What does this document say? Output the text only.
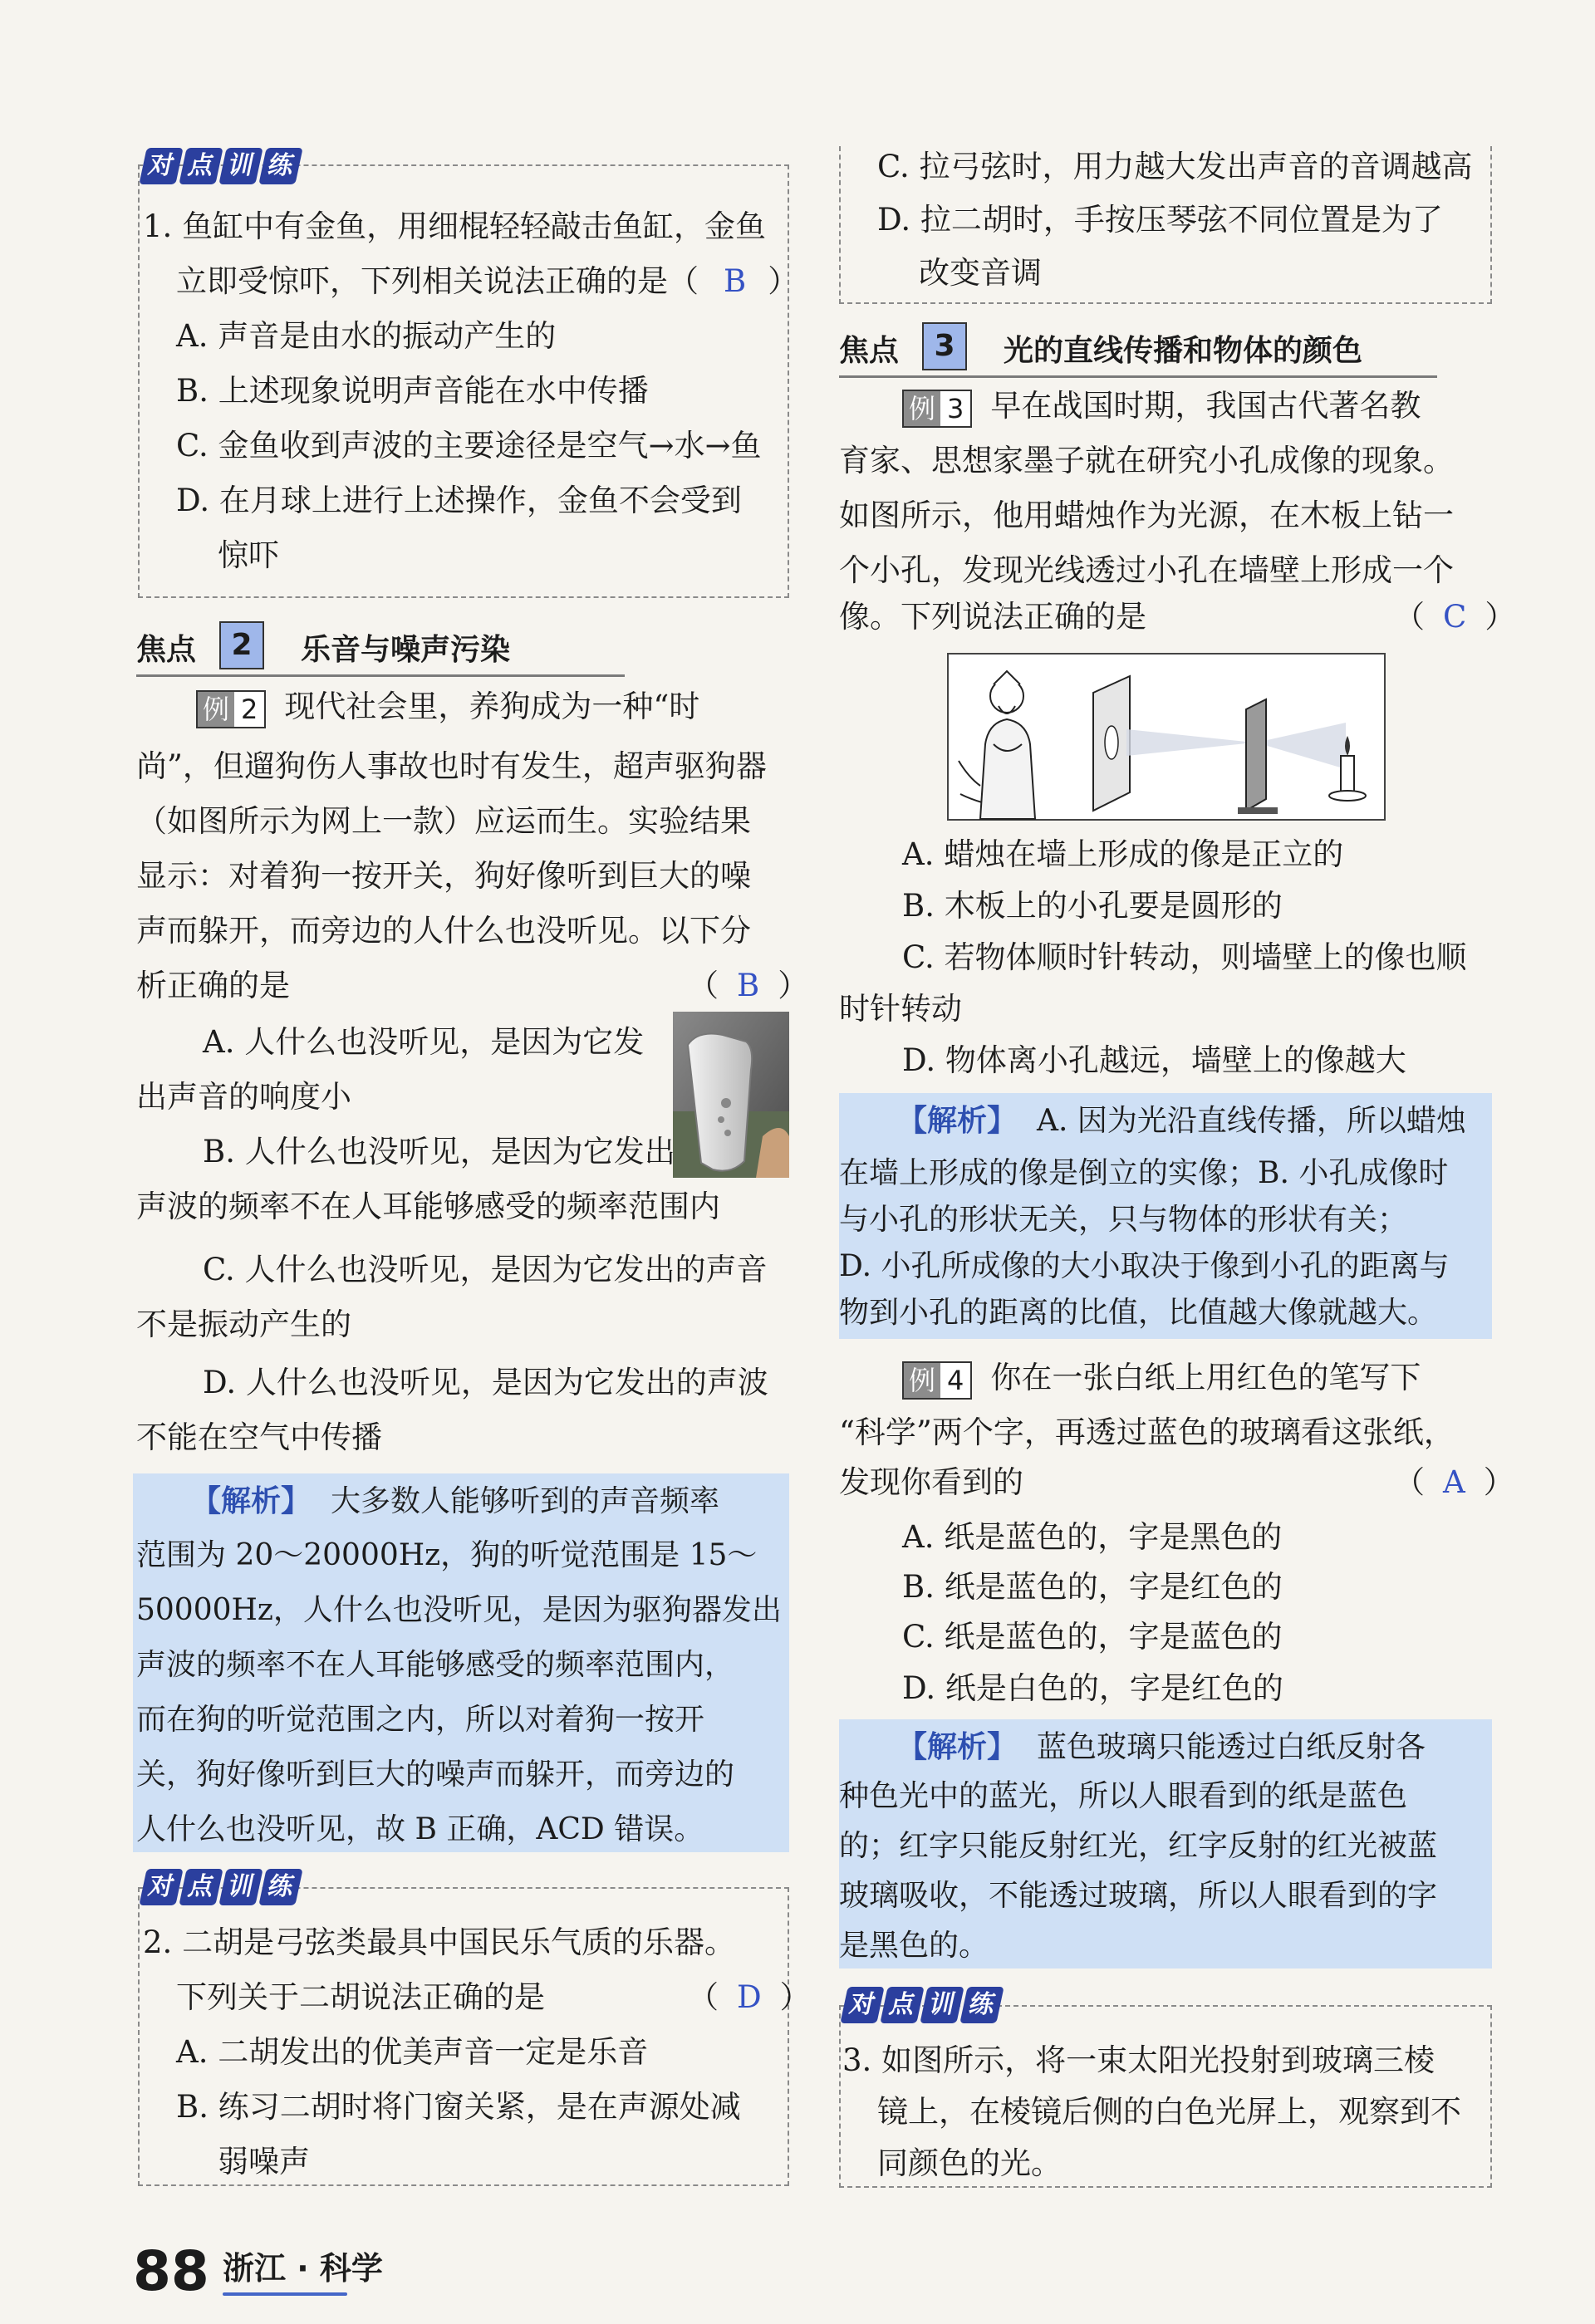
对 点 训 练
1. 鱼缸中有金鱼，用细棍轻轻敲击鱼缸，金鱼
立即受惊吓，下列相关说法正确的是（ B ）
A. 声音是由水的振动产生的
B. 上述现象说明声音能在水中传播
C. 金鱼收到声波的主要途径是空气→水→鱼
D. 在月球上进行上述操作，金鱼不会受到
惊吓
焦点	2	乐音与噪声污染
例 2 现代社会里，养狗成为一种“时
尚”，但遛狗伤人事故也时有发生，超声驱狗器
（如图所示为网上一款）应运而生。实验结果
显示：对着狗一按开关，狗好像听到巨大的噪
声而躲开，而旁边的人什么也没听见。以下分
析正确的是	（ B ）
A. 人什么也没听见，是因为它发
出声音的响度小
B. 人什么也没听见，是因为它发出
声波的频率不在人耳能够感受的频率范围内
C. 人什么也没听见，是因为它发出的声音
不是振动产生的
D. 人什么也没听见，是因为它发出的声波
不能在空气中传播
【解析】 大多数人能够听到的声音频率
范围为 20～20000Hz，狗的听觉范围是 15～
50000Hz，人什么也没听见，是因为驱狗器发出
声波的频率不在人耳能够感受的频率范围内，
而在狗的听觉范围之内，所以对着狗一按开
关，狗好像听到巨大的噪声而躲开，而旁边的
人什么也没听见，故 B 正确，ACD 错误。
对 点 训 练
2. 二胡是弓弦类最具中国民乐气质的乐器。
下列关于二胡说法正确的是	（ D ）
A. 二胡发出的优美声音一定是乐音
B. 练习二胡时将门窗关紧，是在声源处减
弱噪声
C. 拉弓弦时，用力越大发出声音的音调越高
D. 拉二胡时，手按压琴弦不同位置是为了
改变音调
焦点	3	光的直线传播和物体的颜色
例 3 早在战国时期，我国古代著名教
育家、思想家墨子就在研究小孔成像的现象。
如图所示，他用蜡烛作为光源，在木板上钻一
个小孔，发现光线透过小孔在墙壁上形成一个
像。下列说法正确的是	（ C ）
A. 蜡烛在墙上形成的像是正立的
B. 木板上的小孔要是圆形的
C. 若物体顺时针转动，则墙壁上的像也顺
时针转动
D. 物体离小孔越远，墙壁上的像越大
【解析】 A. 因为光沿直线传播，所以蜡烛
在墙上形成的像是倒立的实像；B. 小孔成像时
与小孔的形状无关，只与物体的形状有关；
D. 小孔所成像的大小取决于像到小孔的距离与
物到小孔的距离的比值，比值越大像就越大。
例 4 你在一张白纸上用红色的笔写下
“科学”两个字，再透过蓝色的玻璃看这张纸，
发现你看到的	（ A ）
A. 纸是蓝色的，字是黑色的
B. 纸是蓝色的，字是红色的
C. 纸是蓝色的，字是蓝色的
D. 纸是白色的，字是红色的
【解析】 蓝色玻璃只能透过白纸反射各
种色光中的蓝光，所以人眼看到的纸是蓝色
的；红字只能反射红光，红字反射的红光被蓝
玻璃吸收，不能透过玻璃，所以人眼看到的字
是黑色的。
对 点 训 练
3. 如图所示，将一束太阳光投射到玻璃三棱
镜上，在棱镜后侧的白色光屏上，观察到不
同颜色的光。
88 浙江 · 科学
